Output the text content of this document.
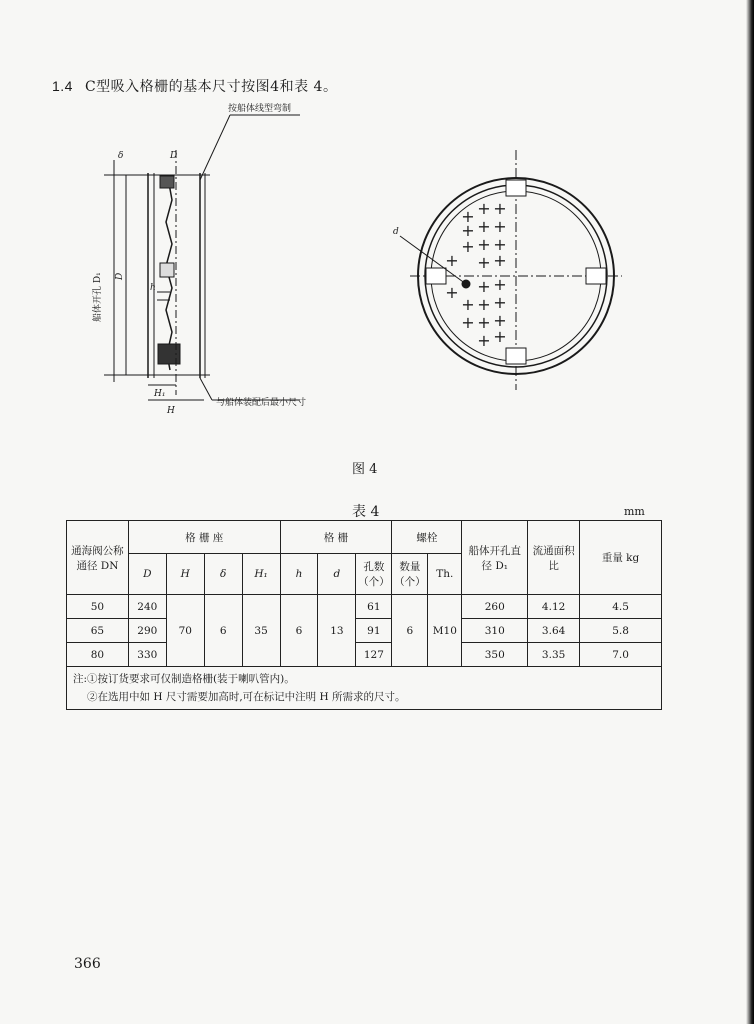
1.4 C型吸入格栅的基本尺寸按图4和表 4。
+ + +
+ + +
+ + +
+ + +
+ + +
+ + +
+ + +
+ +
按船体线型弯制
与船体装配后最小尺寸
船体开孔 D₁ D
D
h
H₁
H
δ
d
图 4
表 4	mm
通海阀公称通径 DN	格 栅 座				格 栅			螺栓		船体开孔直 径 D₁	流通面积比	重量 kg
	D	H	δ	H₁	h	d	孔数（个）	数量（个）	Th.			
50	240	70	6	35	6	13	61	6	M10	260	4.12	4.5
65	290						91			310	3.64	5.8
80	330						127			350	3.35	7.0

注:①按订货要求可仅制造格栅(装于喇叭管内)。
②在选用中如 H 尺寸需要加高时,可在标记中注明 H 所需求的尺寸。												
366
